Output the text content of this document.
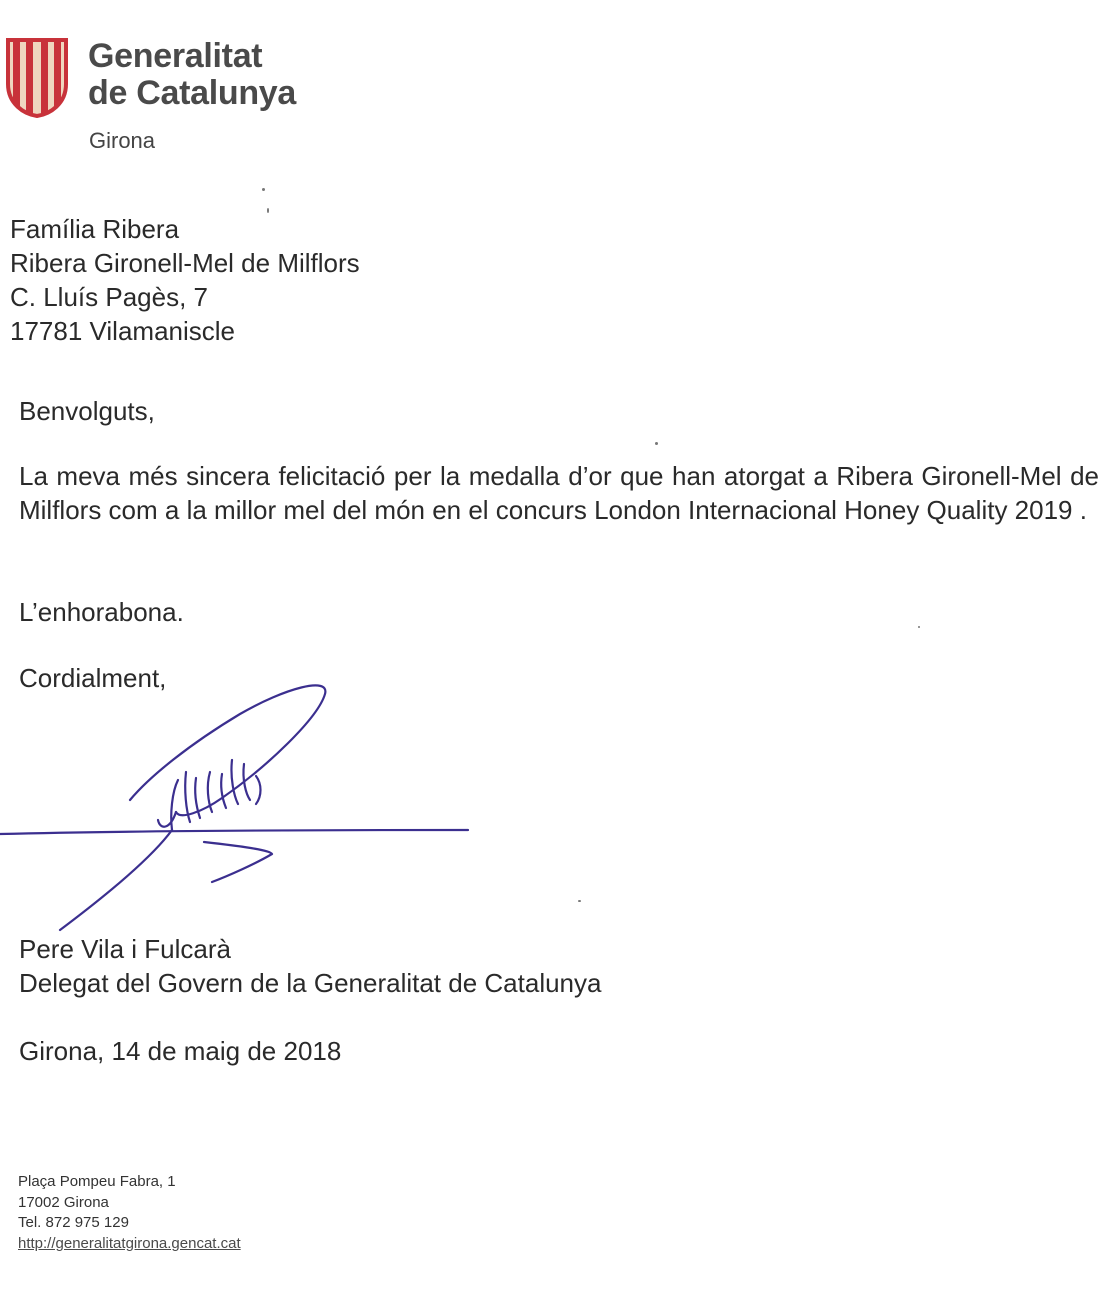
Generalitat
de Catalunya
Girona
Família Ribera
Ribera Gironell-Mel de Milflors
C. Lluís Pagès, 7
17781 Vilamaniscle
Benvolguts,
La meva més sincera felicitació per la medalla d’or que han atorgat a Ribera Gironell-Mel de Milflors com a la millor mel del món en el concurs London Internacional Honey Quality 2019 .
L’enhorabona.
Cordialment,
Pere Vila i Fulcarà
Delegat del Govern de la Generalitat de Catalunya
Girona, 14 de maig de 2018
Plaça Pompeu Fabra, 1
17002 Girona
Tel. 872 975 129
http://generalitatgirona.gencat.cat
